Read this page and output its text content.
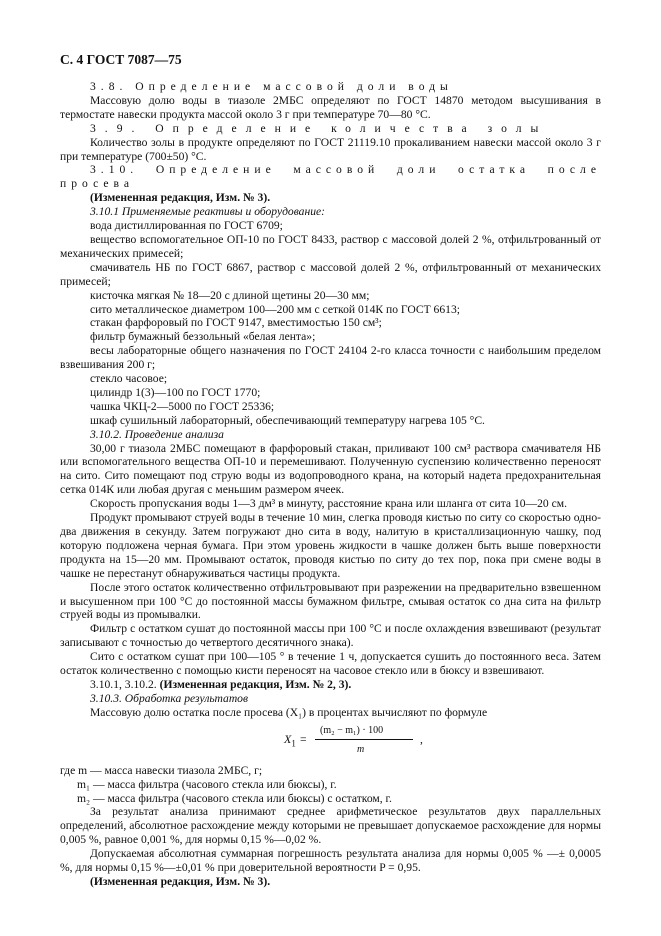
С. 4 ГОСТ 7087—75

3.8. Определение массовой доли воды

Массовую долю воды в тиазоле 2МБС определяют по ГОСТ 14870 методом высушивания в термостате навески продукта массой около 3 г при температуре 70—80 °С.

3.9. Определение количества золы

Количество золы в продукте определяют по ГОСТ 21119.10 прокаливанием навески массой около 3 г при температуре (700±50) °С.

3.10. Определение массовой доли остатка после просева

(Измененная редакция, Изм. № 3).

3.10.1 Применяемые реактивы и оборудование:

вода дистиллированная по ГОСТ 6709;

вещество вспомогательное ОП-10 по ГОСТ 8433, раствор с массовой долей 2 %, отфильтрованный от механических примесей;

смачиватель НБ по ГОСТ 6867, раствор с массовой долей 2 %, отфильтрованный от механических примесей;

кисточка мягкая № 18—20 с длиной щетины 20—30 мм;

сито металлическое диаметром 100—200 мм с сеткой 014К по ГОСТ 6613;

стакан фарфоровый по ГОСТ 9147, вместимостью 150 см³;

фильтр бумажный беззольный «белая лента»;

весы лабораторные общего назначения по ГОСТ 24104 2-го класса точности с наибольшим пределом взвешивания 200 г;

стекло часовое;

цилиндр 1(3)—100 по ГОСТ 1770;

чашка ЧКЦ-2—5000 по ГОСТ 25336;

шкаф сушильный лабораторный, обеспечивающий температуру нагрева 105 °С.

3.10.2. Проведение анализа

30,00 г тиазола 2МБС помещают в фарфоровый стакан, приливают 100 см³ раствора смачивателя НБ или вспомогательного вещества ОП-10 и перемешивают. Полученную суспензию количественно переносят на сито. Сито помещают под струю воды из водопроводного крана, на который надета предохранительная сетка 014К или любая другая с меньшим размером ячеек.

Скорость пропускания воды 1—3 дм³ в минуту, расстояние крана или шланга от сита 10—20 см.

Продукт промывают струей воды в течение 10 мин, слегка проводя кистью по ситу со скоростью одно-два движения в секунду. Затем погружают дно сита в воду, налитую в кристаллизационную чашку, под которую подложена черная бумага. При этом уровень жидкости в чашке должен быть выше поверхности продукта на 15—20 мм. Промывают остаток, проводя кистью по ситу до тех пор, пока при смене воды в чашке не перестанут обнаруживаться частицы продукта.

После этого остаток количественно отфильтровывают при разрежении на предварительно взвешенном и высушенном при 100 °С до постоянной массы бумажном фильтре, смывая остаток со дна сита на фильтр струей воды из промывалки.

Фильтр с остатком сушат до постоянной массы при 100 °С и после охлаждения взвешивают (результат записывают с точностью до четвертого десятичного знака).

Сито с остатком сушат при 100—105 ° в течение 1 ч, допускается сушить до постоянного веса. Затем остаток количественно с помощью кисти переносят на часовое стекло или в бюксу и взвешивают.

3.10.1, 3.10.2. (Измененная редакция, Изм. № 2, 3).

3.10.3. Обработка результатов

Массовую долю остатка после просева (X₁) в процентах вычисляют по формуле

$X_1$ =
(m₂ − m₁) · 100
m
,

где m — масса навески тиазола 2МБС, г;

m₁ — масса фильтра (часового стекла или бюксы), г.

m₂ — масса фильтра (часового стекла или бюксы) с остатком, г.

За результат анализа принимают среднее арифметическое результатов двух параллельных определений, абсолютное расхождение между которыми не превышает допускаемое расхождение для нормы 0,005 %, равное 0,001 %, для нормы 0,15 %—0,02 %.

Допускаемая абсолютная суммарная погрешность результата анализа для нормы 0,005 % —± 0,0005 %, для нормы 0,15 %—±0,01 % при доверительной вероятности P = 0,95.

(Измененная редакция, Изм. № 3).
